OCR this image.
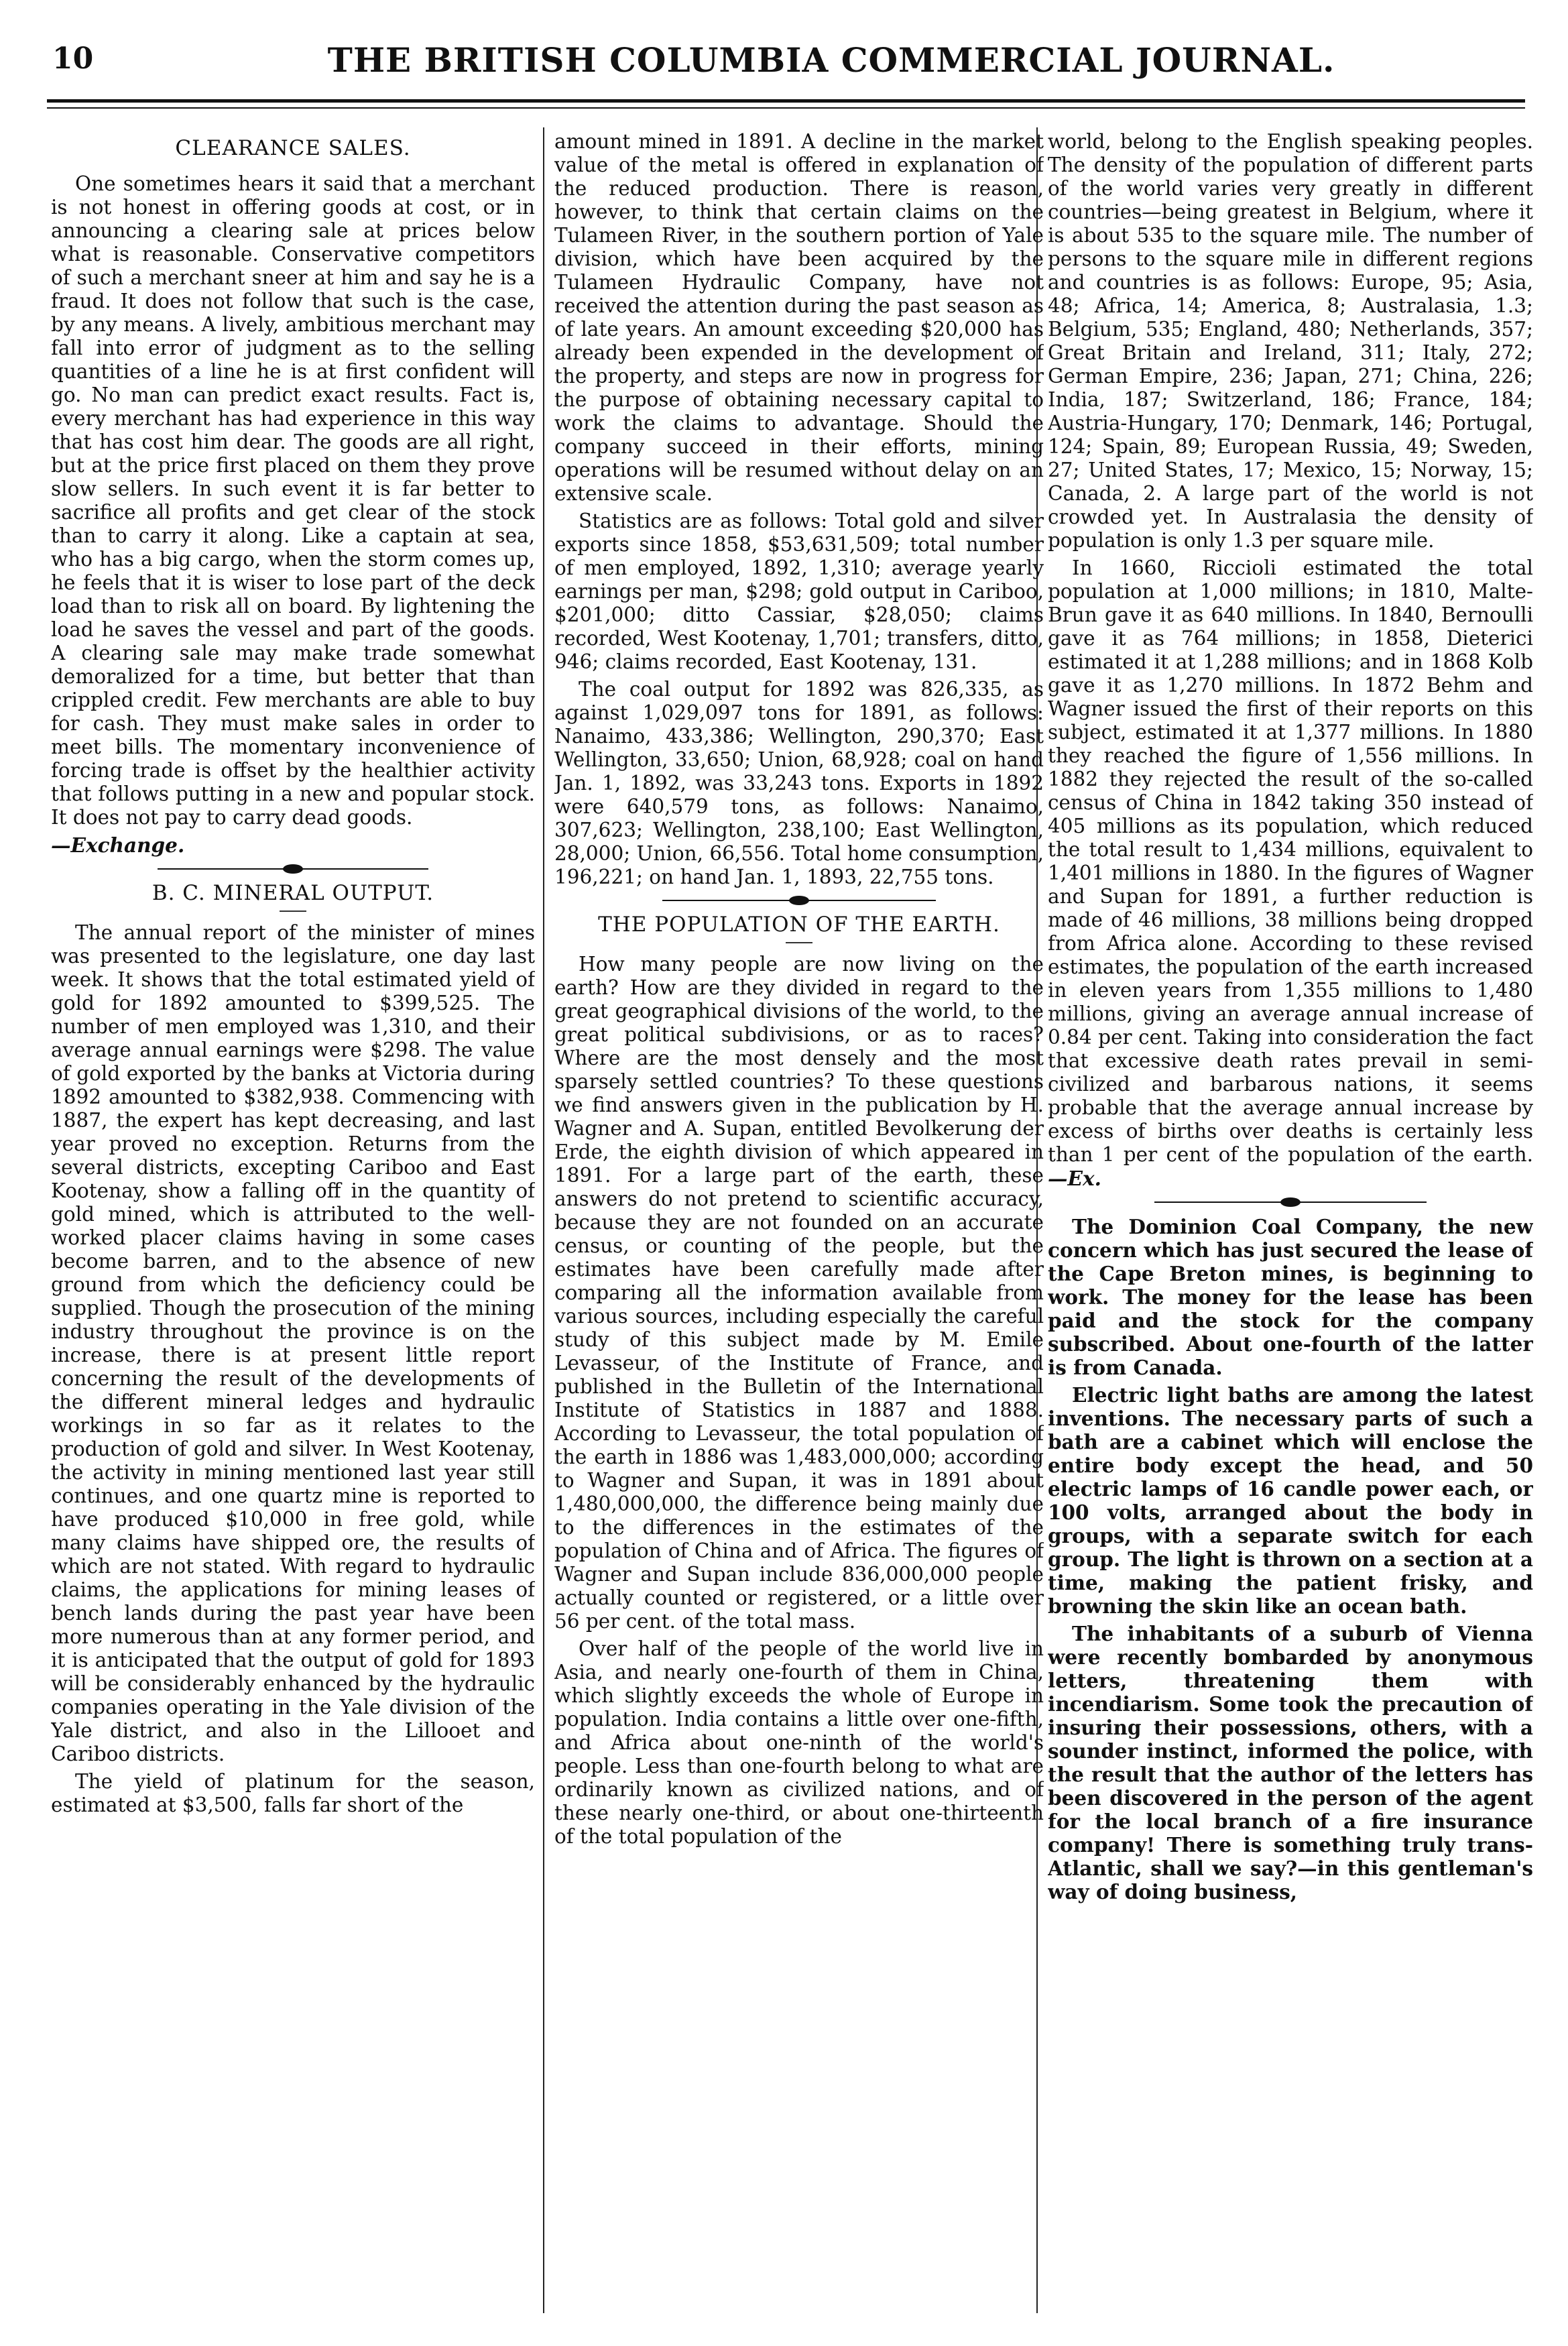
10	THE BRITISH COLUMBIA COMMERCIAL JOURNAL.
CLEARANCE SALES.

One sometimes hears it said that a merchant is not honest in offering goods at cost, or in announcing a clearing sale at prices below what is reasonable. Conservative competitors of such a merchant sneer at him and say he is a fraud. It does not follow that such is the case, by any means. A lively, ambitious merchant may fall into error of judgment as to the selling quantities of a line he is at first confident will go. No man can predict exact results. Fact is, every merchant has had experience in this way that has cost him dear. The goods are all right, but at the price first placed on them they prove slow sellers. In such event it is far better to sacrifice all profits and get clear of the stock than to carry it along. Like a captain at sea, who has a big cargo, when the storm comes up, he feels that it is wiser to lose part of the deck load than to risk all on board. By lightening the load he saves the vessel and part of the goods. A clearing sale may make trade somewhat demoralized for a time, but better that than crippled credit. Few merchants are able to buy for cash. They must make sales in order to meet bills. The momentary inconvenience of forcing trade is offset by the healthier activity that follows putting in a new and popular stock. It does not pay to carry dead goods.

—Exchange.

B. C. MINERAL OUTPUT.

The annual report of the minister of mines was presented to the legislature, one day last week. It shows that the total estimated yield of gold for 1892 amounted to $399,525. The number of men employed was 1,310, and their average annual earnings were $298. The value of gold exported by the banks at Victoria during 1892 amounted to $382,938. Commencing with 1887, the expert has kept decreasing, and last year proved no exception. Returns from the several districts, excepting Cariboo and East Kootenay, show a falling off in the quantity of gold mined, which is attributed to the well-worked placer claims having in some cases become barren, and to the absence of new ground from which the deficiency could be supplied. Though the prosecution of the mining industry throughout the province is on the increase, there is at present little report concerning the result of the developments of the different mineral ledges and hydraulic workings in so far as it relates to the production of gold and silver. In West Kootenay, the activity in mining mentioned last year still continues, and one quartz mine is reported to have produced $10,000 in free gold, while many claims have shipped ore, the results of which are not stated. With regard to hydraulic claims, the applications for mining leases of bench lands during the past year have been more numerous than at any former period, and it is anticipated that the output of gold for 1893 will be considerably enhanced by the hydraulic companies operating in the Yale division of the Yale district, and also in the Lillooet and Cariboo districts.

The yield of platinum for the season, estimated at $3,500, falls far short of the

amount mined in 1891. A decline in the market value of the metal is offered in explanation of the reduced production. There is reason, however, to think that certain claims on the Tulameen River, in the southern portion of Yale division, which have been acquired by the Tulameen Hydraulic Company, have not received the attention during the past season as of late years. An amount exceeding $20,000 has already been expended in the development of the property, and steps are now in progress for the purpose of obtaining necessary capital to work the claims to advantage. Should the company succeed in their efforts, mining operations will be resumed without delay on an extensive scale.

Statistics are as follows: Total gold and silver exports since 1858, $53,631,509; total number of men employed, 1892, 1,310; average yearly earnings per man, $298; gold output in Cariboo, $201,000; ditto Cassiar, $28,050; claims recorded, West Kootenay, 1,701; transfers, ditto, 946; claims recorded, East Kootenay, 131.

The coal output for 1892 was 826,335, as against 1,029,097 tons for 1891, as follows: Nanaimo, 433,386; Wellington, 290,370; East Wellington, 33,650; Union, 68,928; coal on hand Jan. 1, 1892, was 33,243 tons. Exports in 1892 were 640,579 tons, as follows: Nanaimo, 307,623; Wellington, 238,100; East Wellington, 28,000; Union, 66,556. Total home consumption, 196,221; on hand Jan. 1, 1893, 22,755 tons.

THE POPULATION OF THE EARTH.

How many people are now living on the earth? How are they divided in regard to the great geographical divisions of the world, to the great political subdivisions, or as to races? Where are the most densely and the most sparsely settled countries? To these questions we find answers given in the publication by H. Wagner and A. Supan, entitled Bevolkerung der Erde, the eighth division of which appeared in 1891. For a large part of the earth, these answers do not pretend to scientific accuracy, because they are not founded on an accurate census, or counting of the people, but the estimates have been carefully made after comparing all the information available from various sources, including especially the careful study of this subject made by M. Emile Levasseur, of the Institute of France, and published in the Bulletin of the International Institute of Statistics in 1887 and 1888. According to Levasseur, the total population of the earth in 1886 was 1,483,000,000; according to Wagner and Supan, it was in 1891 about 1,480,000,000, the difference being mainly due to the differences in the estimates of the population of China and of Africa. The figures of Wagner and Supan include 836,000,000 people actually counted or registered, or a little over 56 per cent. of the total mass.

Over half of the people of the world live in Asia, and nearly one-fourth of them in China, which slightly exceeds the whole of Europe in population. India contains a little over one-fifth, and Africa about one-ninth of the world's people. Less than one-fourth belong to what are ordinarily known as civilized nations, and of these nearly one-third, or about one-thirteenth of the total population of the

world, belong to the English speaking peoples. The density of the population of different parts of the world varies very greatly in different countries—being greatest in Belgium, where it is about 535 to the square mile. The number of persons to the square mile in different regions and countries is as follows: Europe, 95; Asia, 48; Africa, 14; America, 8; Australasia, 1.3; Belgium, 535; England, 480; Netherlands, 357; Great Britain and Ireland, 311; Italy, 272; German Empire, 236; Japan, 271; China, 226; India, 187; Switzerland, 186; France, 184; Austria-Hungary, 170; Denmark, 146; Portugal, 124; Spain, 89; European Russia, 49; Sweden, 27; United States, 17; Mexico, 15; Norway, 15; Canada, 2. A large part of the world is not crowded yet. In Australasia the density of population is only 1.3 per square mile.

In 1660, Riccioli estimated the total population at 1,000 millions; in 1810, Malte-Brun gave it as 640 millions. In 1840, Bernoulli gave it as 764 millions; in 1858, Dieterici estimated it at 1,288 millions; and in 1868 Kolb gave it as 1,270 millions. In 1872 Behm and Wagner issued the first of their reports on this subject, estimated it at 1,377 millions. In 1880 they reached the figure of 1,556 millions. In 1882 they rejected the result of the so-called census of China in 1842 taking 350 instead of 405 millions as its population, which reduced the total result to 1,434 millions, equivalent to 1,401 millions in 1880. In the figures of Wagner and Supan for 1891, a further reduction is made of 46 millions, 38 millions being dropped from Africa alone. According to these revised estimates, the population of the earth increased in eleven years from 1,355 millions to 1,480 millions, giving an average annual increase of 0.84 per cent. Taking into consideration the fact that excessive death rates prevail in semi-civilized and barbarous nations, it seems probable that the average annual increase by excess of births over deaths is certainly less than 1 per cent of the population of the earth. —Ex.

The Dominion Coal Company, the new concern which has just secured the lease of the Cape Breton mines, is beginning to work. The money for the lease has been paid and the stock for the company subscribed. About one-fourth of the latter is from Canada.

Electric light baths are among the latest inventions. The necessary parts of such a bath are a cabinet which will enclose the entire body except the head, and 50 electric lamps of 16 candle power each, or 100 volts, arranged about the body in groups, with a separate switch for each group. The light is thrown on a section at a time, making the patient frisky, and browning the skin like an ocean bath.

The inhabitants of a suburb of Vienna were recently bombarded by anonymous letters, threatening them with incendiarism. Some took the precaution of insuring their possessions, others, with a sounder instinct, informed the police, with the result that the author of the letters has been discovered in the person of the agent for the local branch of a fire insurance company! There is something truly trans-Atlantic, shall we say?—in this gentleman's way of doing business,
